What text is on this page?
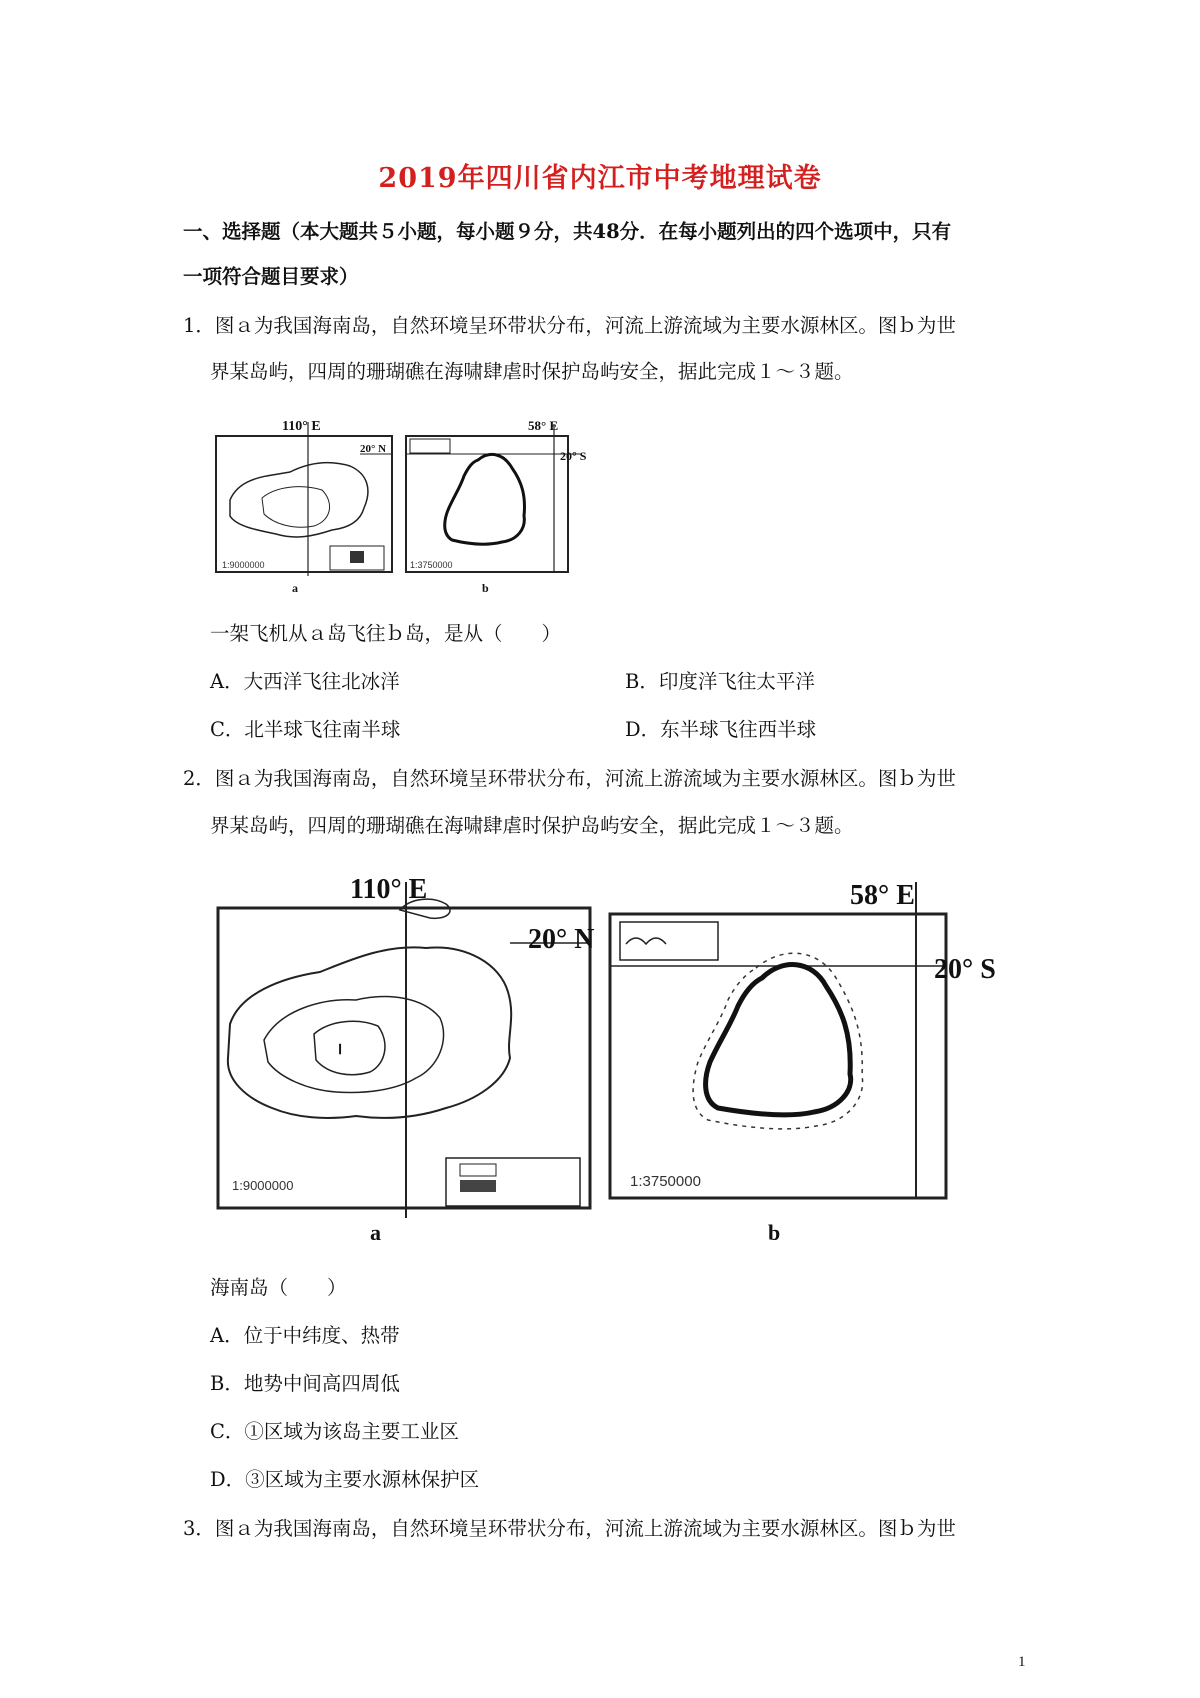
2019年四川省内江市中考地理试卷
一、选择题（本大题共５小题，每小题９分，共48分．在每小题列出的四个选项中，只有
一项符合题目要求）
1．图ａ为我国海南岛，自然环境呈环带状分布，河流上游流域为主要水源林区。图ｂ为世
界某岛屿，四周的珊瑚礁在海啸肆虐时保护岛屿安全，据此完成１～３题。
110° E
20° N
1:9000000
a
58° E
20° S
1:3750000
b
一架飞机从ａ岛飞往ｂ岛，是从（　　）
A．大西洋飞往北冰洋	B．印度洋飞往太平洋
C．北半球飞往南半球	D．东半球飞往西半球
2．图ａ为我国海南岛，自然环境呈环带状分布，河流上游流域为主要水源林区。图ｂ为世
界某岛屿，四周的珊瑚礁在海啸肆虐时保护岛屿安全，据此完成１～３题。
110° E
20° N
Ⅰ
1:9000000
a
58° E
20° S
1:3750000
b
海南岛（　　）
A．位于中纬度、热带
B．地势中间高四周低
C．①区域为该岛主要工业区
D．③区域为主要水源林保护区
3．图ａ为我国海南岛，自然环境呈环带状分布，河流上游流域为主要水源林区。图ｂ为世
1
